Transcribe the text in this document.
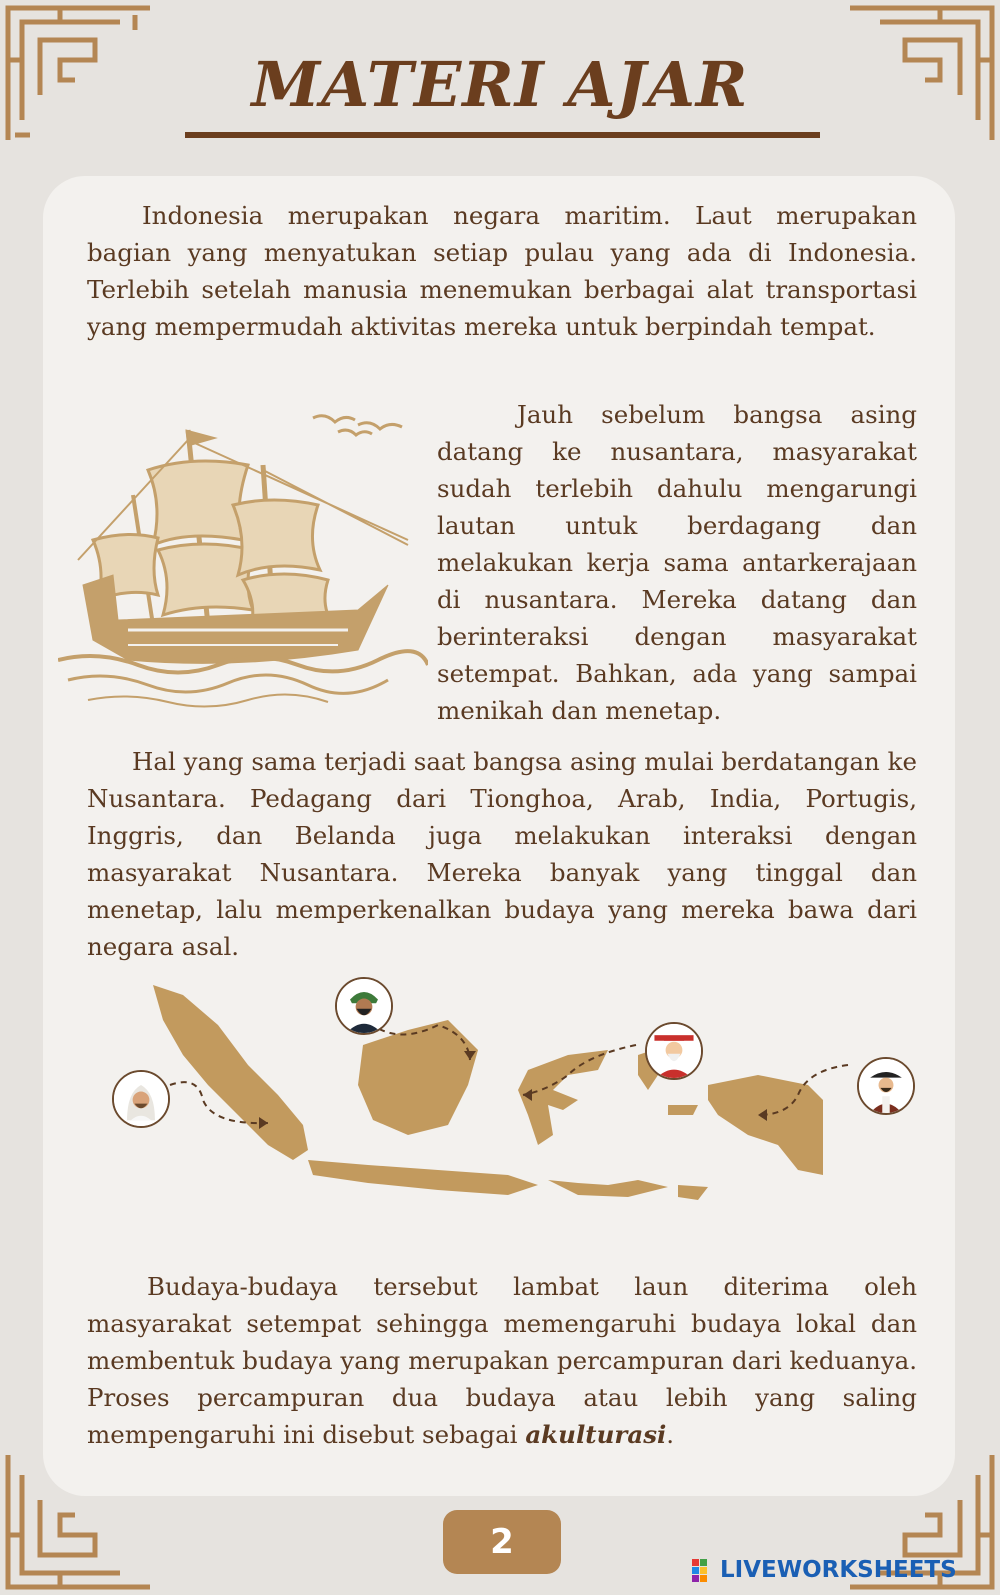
MATERI AJAR

Indonesia merupakan negara maritim. Laut merupakan bagian yang menyatukan setiap pulau yang ada di Indonesia. Terlebih setelah manusia menemukan berbagai alat transportasi yang mempermudah aktivitas mereka untuk berpindah tempat.

Jauh sebelum bangsa asing datang ke nusantara, masyarakat sudah terlebih dahulu mengarungi lautan untuk berdagang dan melakukan kerja sama antarkerajaan di nusantara. Mereka datang dan berinteraksi dengan masyarakat setempat. Bahkan, ada yang sampai menikah dan menetap.

Hal yang sama terjadi saat bangsa asing mulai berdatangan ke Nusantara. Pedagang dari Tionghoa, Arab, India, Portugis, Inggris, dan Belanda juga melakukan interaksi dengan masyarakat Nusantara. Mereka banyak yang tinggal dan menetap, lalu memperkenalkan budaya yang mereka bawa dari negara asal.

Budaya-budaya tersebut lambat laun diterima oleh masyarakat setempat sehingga memengaruhi budaya lokal dan membentuk budaya yang merupakan percampuran dari keduanya. Proses percampuran dua budaya atau lebih yang saling mempengaruhi ini disebut sebagai akulturasi.

2
LIVEWORKSHEETS
